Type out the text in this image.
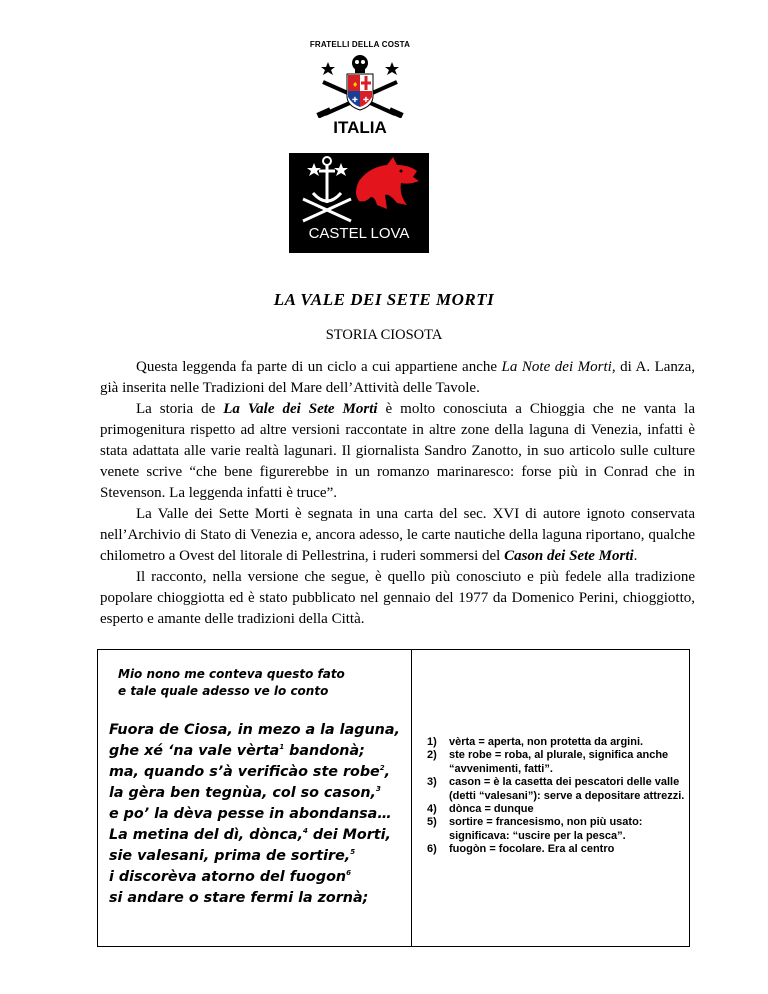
FRATELLI DELLA COSTA
♦
✚ ✚
ITALIA
CASTEL LOVA
MAREM SEMPER DEFENDO
LA VALE DEI SETE MORTI
STORIA CIOSOTA

Questa leggenda fa parte di un ciclo a cui appartiene anche La Note dei Morti, di A. Lanza, già inserita nelle Tradizioni del Mare dell’Attività delle Tavole.

La storia de La Vale dei Sete Morti è molto conosciuta a Chioggia che ne vanta la primogenitura rispetto ad altre versioni raccontate in altre zone della laguna di Venezia, infatti è stata adattata alle varie realtà lagunari. Il giornalista Sandro Zanotto, in suo articolo sulle culture venete scrive “che bene figurerebbe in un romanzo marinaresco: forse più in Conrad che in Stevenson. La leggenda infatti è truce”.

La Valle dei Sette Morti è segnata in una carta del sec. XVI di autore ignoto conservata nell’Archivio di Stato di Venezia e, ancora adesso, le carte nautiche della laguna riportano, qualche chilometro a Ovest del litorale di Pellestrina, i ruderi sommersi del Cason dei Sete Morti.

Il racconto, nella versione che segue, è quello più conosciuto e più fedele alla tradizione popolare chioggiotta ed è stato pubblicato nel gennaio del 1977 da Domenico Perini, chioggiotto, esperto e amante delle tradizioni della Città.

Mio nono me conteva questo fato
e tale quale adesso ve lo conto
Fuora de Ciosa, in mezo a la laguna,
ghe xé ‘na vale vèrta$^1$ bandonà;
ma, quando s’à verificào ste robe$^2$,
la gèra ben tegnùa, col so cason,$^3$
e po’ la dèva pesse in abondansa…
La metina del dì, dònca,$^4$ dei Morti,
sie valesani, prima de sortire,$^5$
i discorèva atorno del fuogon$^6$
si andare o stare fermi la zornà;
1)	vèrta = aperta, non protetta da argini.
2)	ste robe = roba, al plurale, significa anche “avvenimenti, fatti”.
3)	cason = è la casetta dei pescatori delle valle (detti “valesani”): serve a depositare attrezzi.
4)	dònca = dunque
5)	sortire = francesismo, non più usato: significava: “uscire per la pesca”.
6)	fuogòn = focolare. Era al centro
